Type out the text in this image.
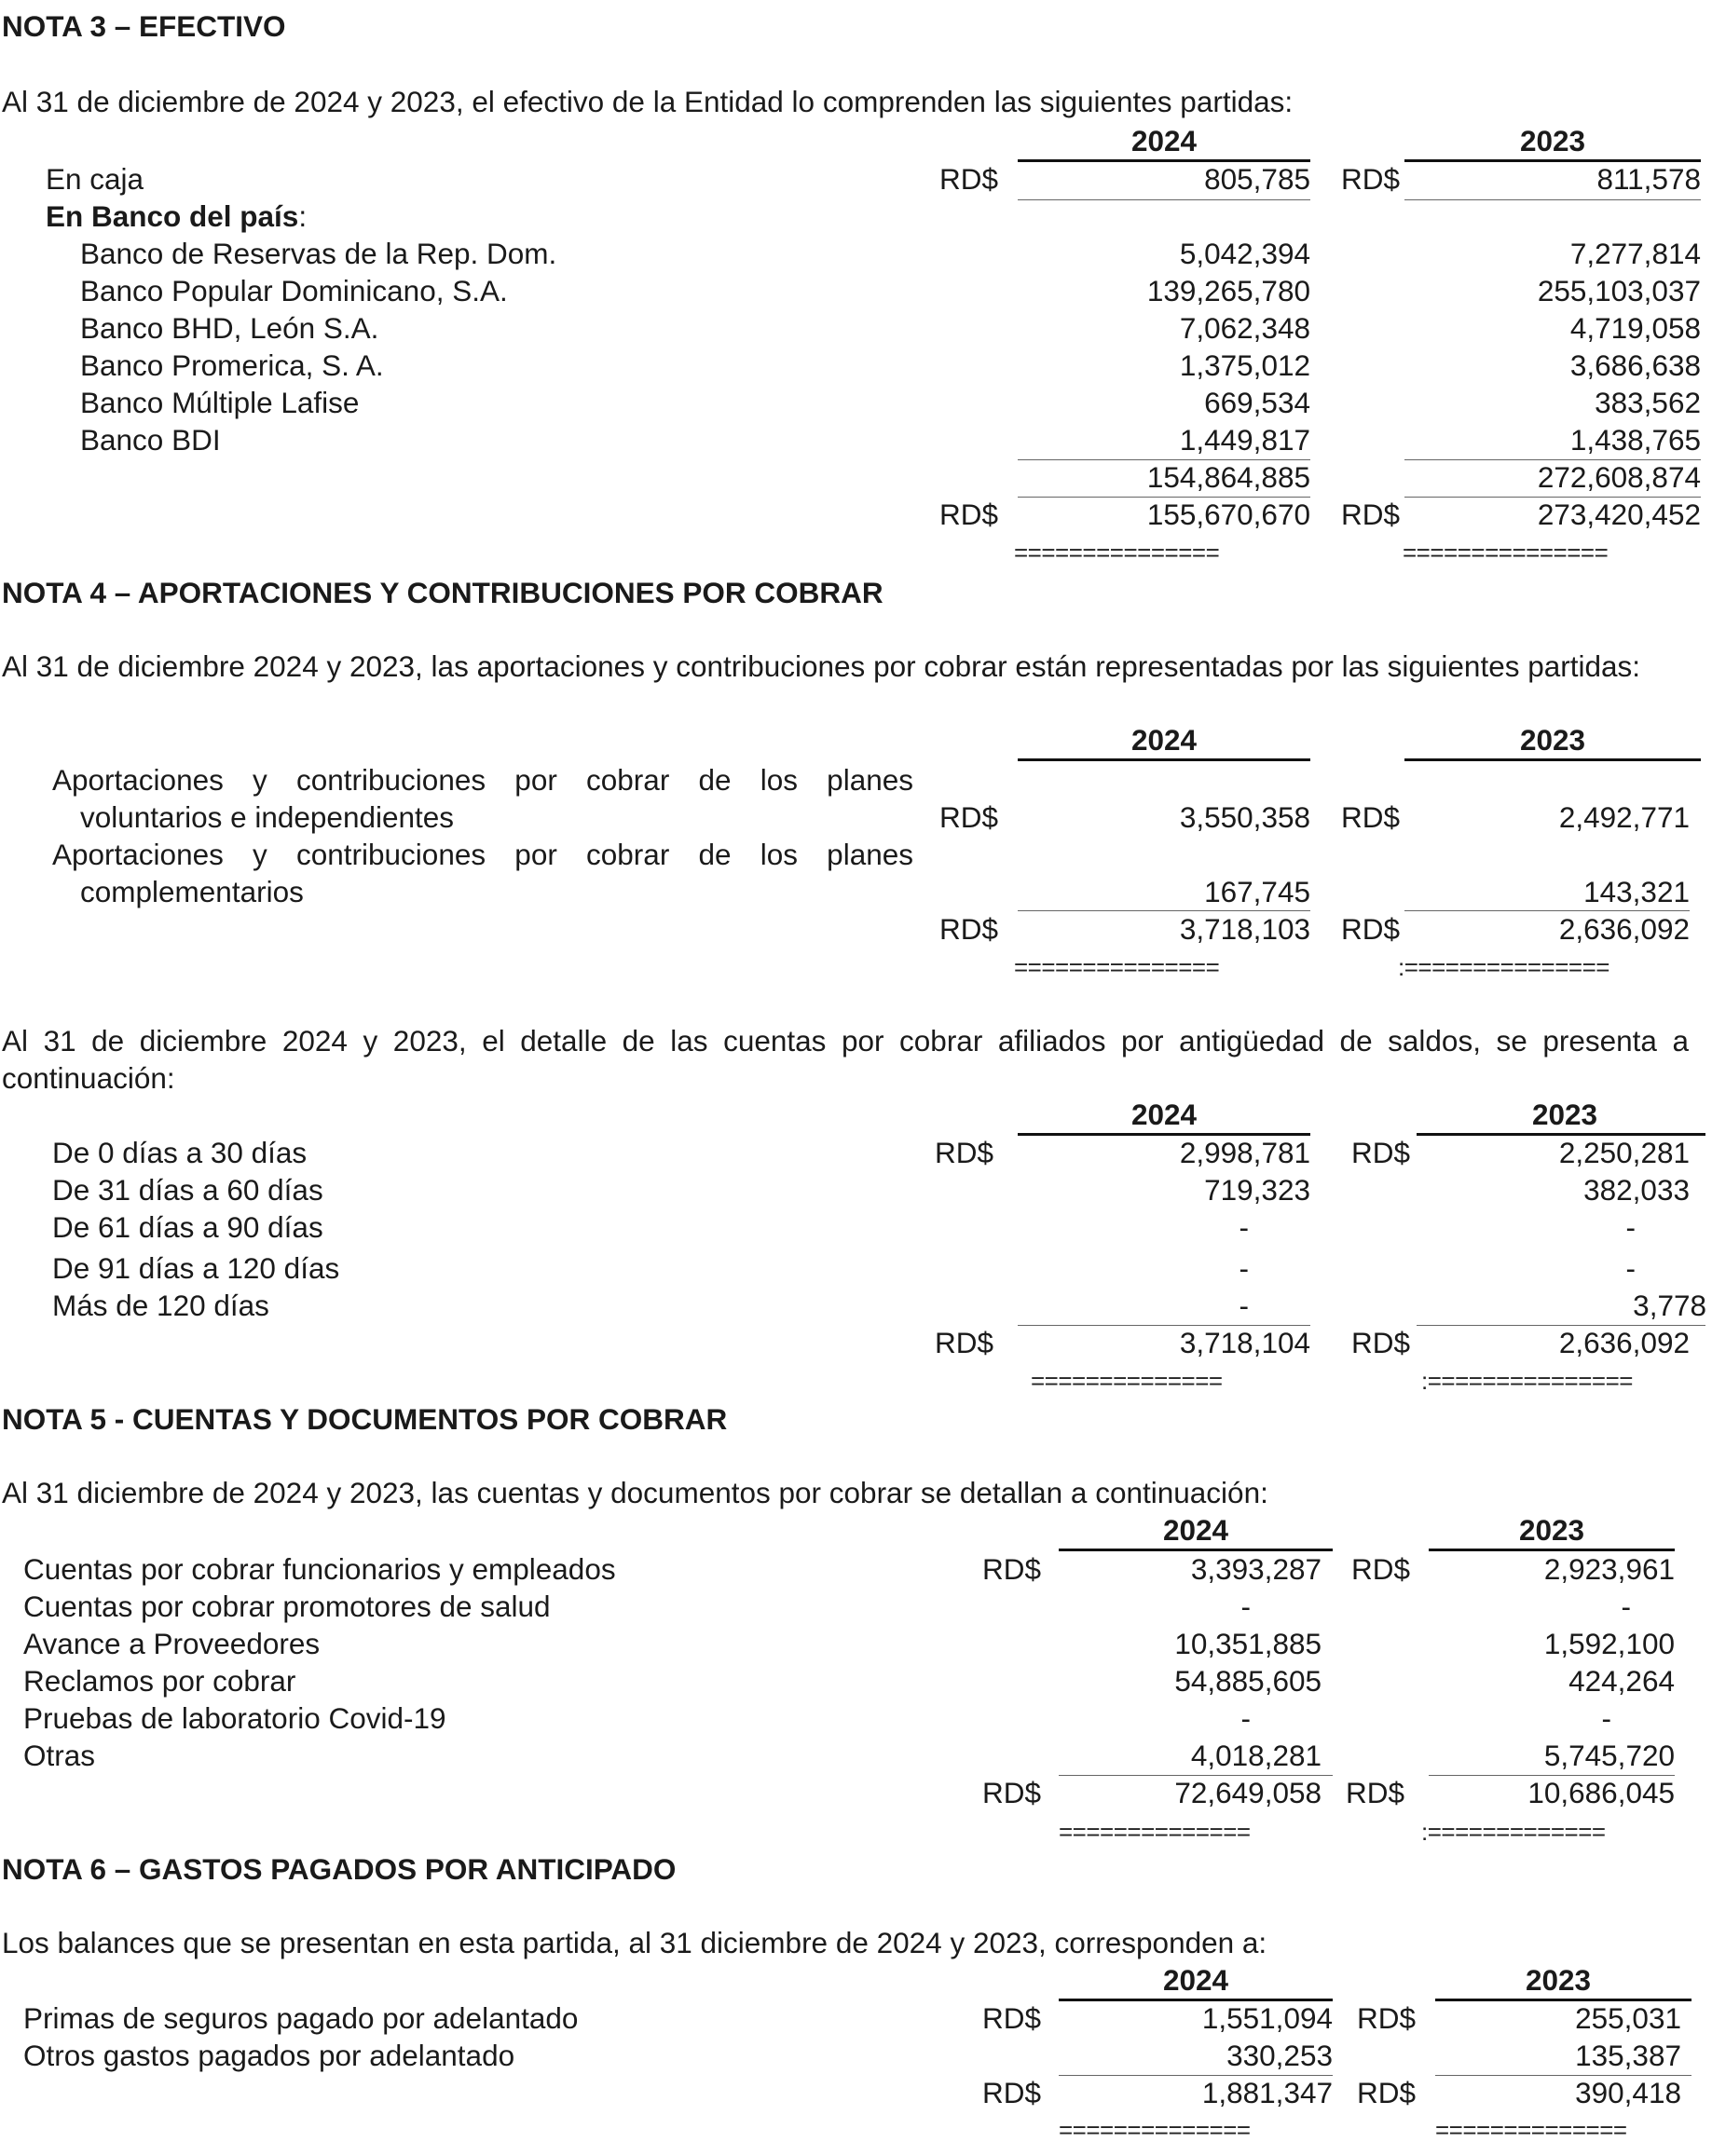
NOTA 3 – EFECTIVO
Al 31 de diciembre de 2024 y 2023, el efectivo de la Entidad lo comprenden las siguientes partidas:
2024	2023
En caja	RD$	805,785 RD$	811,578
En Banco del país:
Banco de Reservas de la Rep. Dom.	5,042,394	7,277,814
Banco Popular Dominicano, S.A.	139,265,780	255,103,037
Banco BHD, León S.A.	7,062,348	4,719,058
Banco Promerica, S. A.	1,375,012	3,686,638
Banco Múltiple Lafise	669,534	383,562
Banco BDI	1,449,817	1,438,765
154,864,885	272,608,874
RD$	155,670,670 RD$	273,420,452
===============	===============
NOTA 4 – APORTACIONES Y CONTRIBUCIONES POR COBRAR
Al 31 de diciembre 2024 y 2023, las aportaciones y contribuciones por cobrar están representadas por las siguientes partidas:
2024	2023
Aportaciones y contribuciones por cobrar de los planes
voluntarios e independientes	RD$	3,550,358 RD$	2,492,771
Aportaciones y contribuciones por cobrar de los planes
complementarios	167,745	143,321
RD$	3,718,103 RD$	2,636,092
===============	:===============
Al 31 de diciembre 2024 y 2023, el detalle de las cuentas por cobrar afiliados por antigüedad de saldos, se presenta a continuación:
2024	2023
De 0 días a 30 días	RD$	2,998,781 RD$	2,250,281
De 31 días a 60 días	719,323	382,033
De 61 días a 90 días	-	-
De 91 días a 120 días	-	-
Más de 120 días	-	3,778
RD$	3,718,104 RD$	2,636,092
==============	:===============
NOTA 5 - CUENTAS Y DOCUMENTOS POR COBRAR
Al 31 diciembre de 2024 y 2023, las cuentas y documentos por cobrar se detallan a continuación:
2024	2023
Cuentas por cobrar funcionarios y empleados	RD$	3,393,287 RD$	2,923,961
Cuentas por cobrar promotores de salud	-	-
Avance a Proveedores	10,351,885	1,592,100
Reclamos por cobrar	54,885,605	424,264
Pruebas de laboratorio Covid-19	-	-
Otras	4,018,281	5,745,720
RD$	72,649,058 RD$	10,686,045
==============	:=============
NOTA 6 – GASTOS PAGADOS POR ANTICIPADO
Los balances que se presentan en esta partida, al 31 diciembre de 2024 y 2023, corresponden a:
2024	2023
Primas de seguros pagado por adelantado	RD$	1,551,094 RD$	255,031
Otros gastos pagados por adelantado	330,253	135,387
RD$	1,881,347 RD$	390,418
==============	==============
